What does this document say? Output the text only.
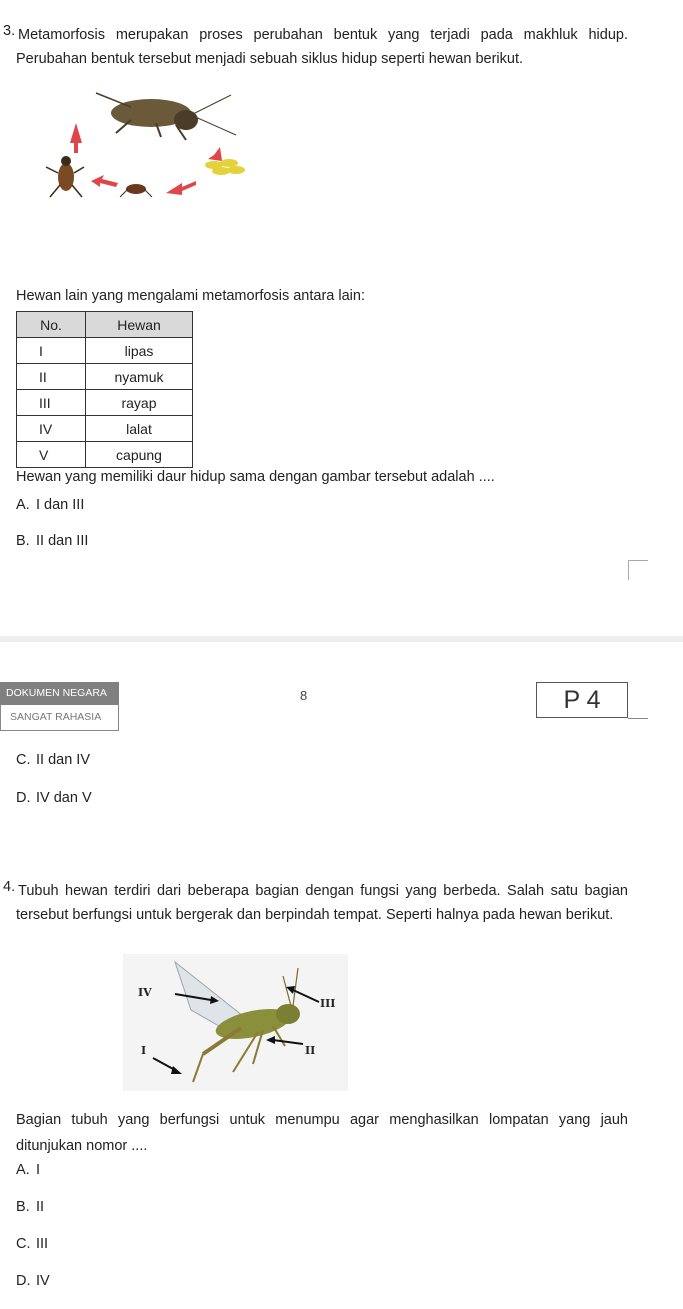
3. Metamorfosis merupakan proses perubahan bentuk yang terjadi pada makhluk hidup.
Perubahan bentuk tersebut menjadi sebuah siklus hidup seperti hewan berikut.
Hewan lain yang mengalami metamorfosis antara lain:
No.	Hewan
I	lipas
II	nyamuk
III	rayap
IV	lalat
V	capung
Hewan yang memiliki daur hidup sama dengan gambar tersebut adalah ....
A. I dan III
B. II dan III
DOKUMEN NEGARA
SANGAT RAHASIA
8	P 4
C. II dan IV
D. IV dan V
4. Tubuh hewan terdiri dari beberapa bagian dengan fungsi yang berbeda. Salah satu bagian
tersebut berfungsi untuk bergerak dan berpindah tempat. Seperti halnya pada hewan berikut.
IV
III
II
I
Bagian tubuh yang berfungsi untuk menumpu agar menghasilkan lompatan yang jauh
ditunjukan nomor ....
A. I
B. II
C. III
D. IV
